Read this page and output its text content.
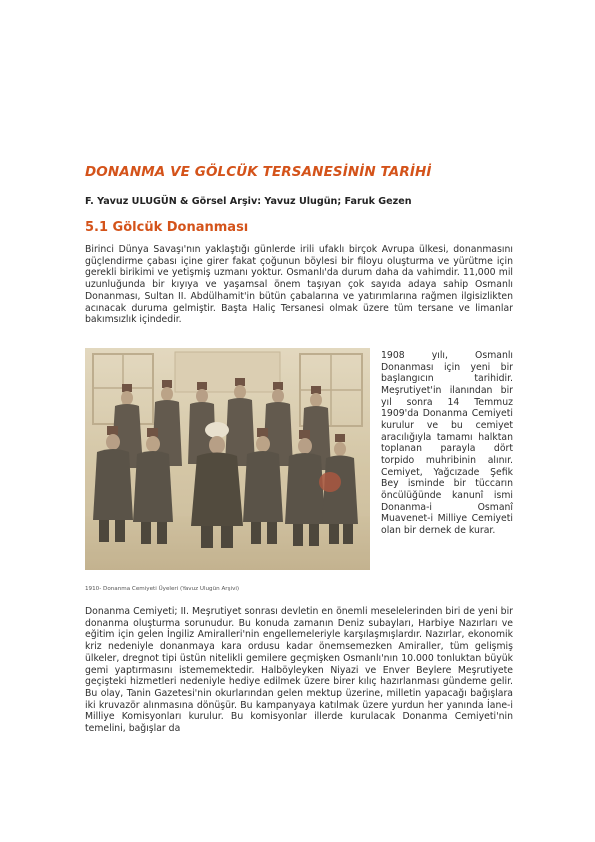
DONANMA VE GÖLCÜK TERSANESİNİN TARİHİ

F. Yavuz ULUGÜN & Görsel Arşiv: Yavuz Ulugün; Faruk Gezen

5.1 Gölcük Donanması

Birinci Dünya Savaşı'nın yaklaştığı günlerde irili ufaklı birçok Avrupa ülkesi, donanmasını güçlendirme çabası içine girer fakat çoğunun böylesi bir filoyu oluşturma ve yürütme için gerekli birikimi ve yetişmiş uzmanı yoktur. Osmanlı'da durum daha da vahimdir. 11,000 mil uzunluğunda bir kıyıya ve yaşamsal önem taşıyan çok sayıda adaya sahip Osmanlı Donanması, Sultan II. Abdülhamit'in bütün çabalarına ve yatırımlarına rağmen ilgisizlikten acınacak duruma gelmiştir. Başta Haliç Tersanesi olmak üzere tüm tersane ve limanlar bakımsızlık içindedir.

1908 yılı, Osmanlı Donanması için yeni bir başlangıcın tarihidir. Meşrutiyet'in ilanından bir yıl sonra 14 Temmuz 1909'da Donanma Cemiyeti kurulur ve bu cemiyet aracılığıyla tamamı halktan toplanan parayla dört torpido muhribinin alınır. Cemiyet, Yağcızade Şefik Bey isminde bir tüccarın öncülüğünde kanunî ismi Donanma-i Osmanî Muavenet-i Milliye Cemiyeti olan bir dernek de kurar.

1910- Donanma Cemiyeti Üyeleri (Yavuz Ulugün Arşivi)

Donanma Cemiyeti; II. Meşrutiyet sonrası devletin en önemli meselelerinden biri de yeni bir donanma oluşturma sorunudur. Bu konuda zamanın Deniz subayları, Harbiye Nazırları ve eğitim için gelen İngiliz Amiralleri'nin engellemeleriyle karşılaşmışlardır. Nazırlar, ekonomik kriz nedeniyle donanmaya kara ordusu kadar önemsemezken Amiraller, tüm gelişmiş ülkeler, dregnot tipi üstün nitelikli gemilere geçmişken Osmanlı'nın 10.000 tonluktan büyük gemi yaptırmasını istememektedir. Halböyleyken Niyazi ve Enver Beylere Meşrutiyete geçişteki hizmetleri nedeniyle hediye edilmek üzere birer kılıç hazırlanması gündeme gelir. Bu olay, Tanin Gazetesi'nin okurlarından gelen mektup üzerine, milletin yapacağı bağışlara iki kruvazör alınmasına dönüşür. Bu kampanyaya katılmak üzere yurdun her yanında İane-i Milliye Komisyonları kurulur. Bu komisyonlar illerde kurulacak Donanma Cemiyeti'nin temelini, bağışlar da
